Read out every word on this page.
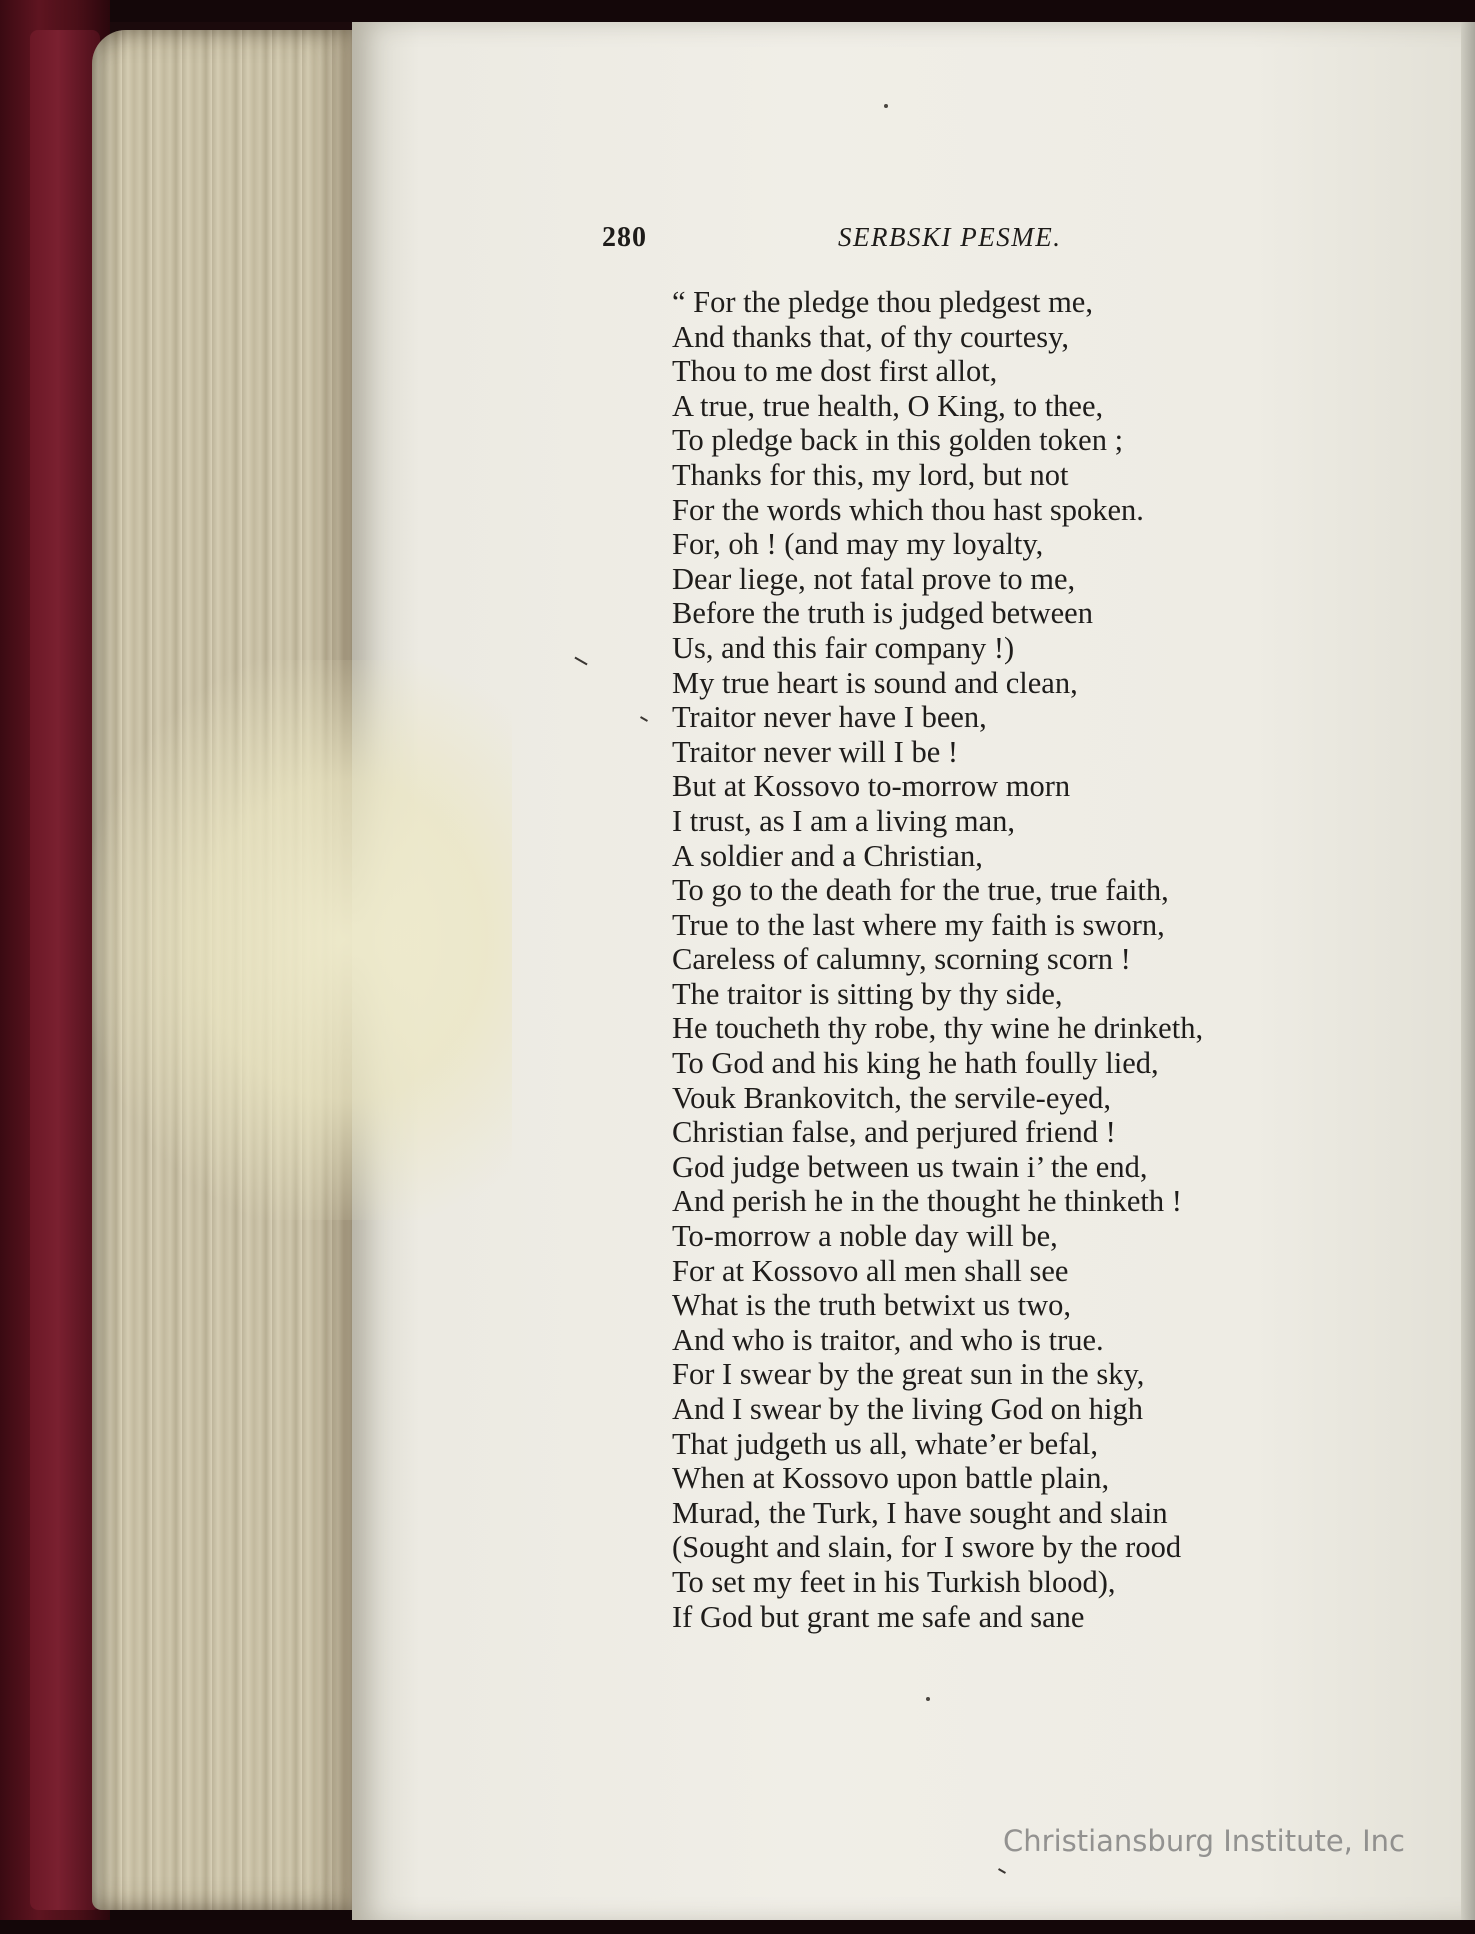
280	SERBSKI PESME.
“ For the pledge thou pledgest me,
And thanks that, of thy courtesy,
Thou to me dost first allot,
A true, true health, O King, to thee,
To pledge back in this golden token ;
Thanks for this, my lord, but not
For the words which thou hast spoken.
For, oh ! (and may my loyalty,
Dear liege, not fatal prove to me,
Before the truth is judged between
Us, and this fair company !)
My true heart is sound and clean,
Traitor never have I been,
Traitor never will I be !
But at Kossovo to-morrow morn
I trust, as I am a living man,
A soldier and a Christian,
To go to the death for the true, true faith,
True to the last where my faith is sworn,
Careless of calumny, scorning scorn !
The traitor is sitting by thy side,
He toucheth thy robe, thy wine he drinketh,
To God and his king he hath foully lied,
Vouk Brankovitch, the servile-eyed,
Christian false, and perjured friend !
God judge between us twain i’ the end,
And perish he in the thought he thinketh !
To-morrow a noble day will be,
For at Kossovo all men shall see
What is the truth betwixt us two,
And who is traitor, and who is true.
For I swear by the great sun in the sky,
And I swear by the living God on high
That judgeth us all, whate’er befal,
When at Kossovo upon battle plain,
Murad, the Turk, I have sought and slain
(Sought and slain, for I swore by the rood
To set my feet in his Turkish blood),
If God but grant me safe and sane
Christiansburg Institute, Inc
